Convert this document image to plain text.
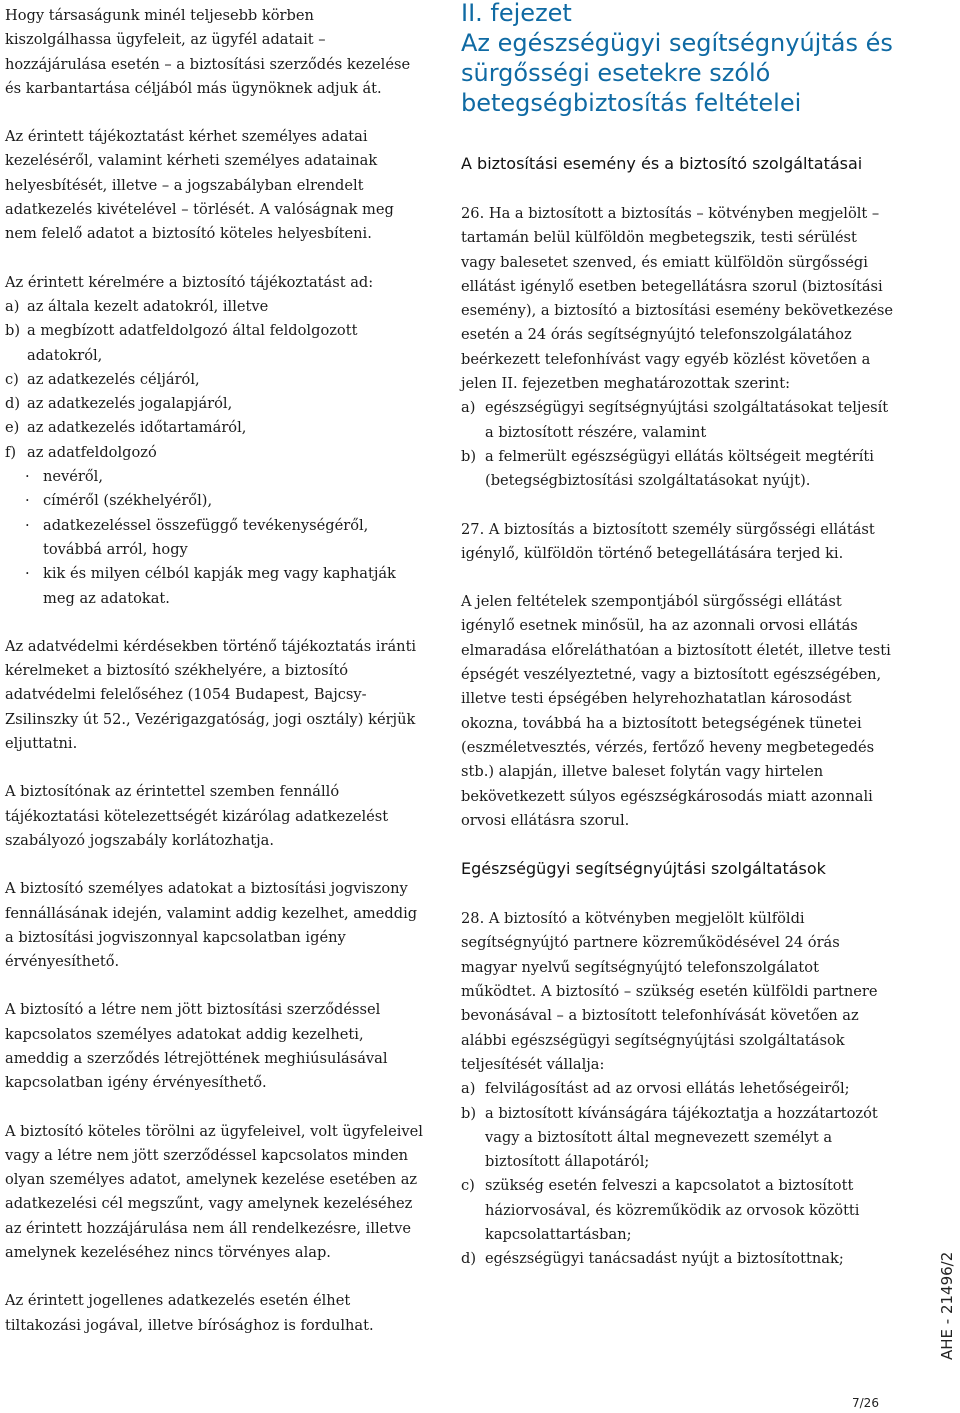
Hogy társaságunk minél teljesebb körben kiszolgálhassa ügyfeleit, az ügyfél adatait – hozzájárulása esetén – a biztosítási szerződés kezelése és karbantartása céljából más ügynöknek adjuk át.

Az érintett tájékoztatást kérhet személyes adatai kezeléséről, valamint kérheti személyes adatainak helyesbítését, illetve – a jogszabályban elrendelt adatkezelés kivételével – törlését. A valóságnak meg nem felelő adatot a biztosító köteles helyesbíteni.

Az érintett kérelmére a biztosító tájékoztatást ad:
a) az általa kezelt adatokról, illetve
b) a megbízott adatfeldolgozó által feldolgozott adatokról,
c) az adatkezelés céljáról,
d) az adatkezelés jogalapjáról,
e) az adatkezelés időtartamáról,
f) az adatfeldolgozó
· nevéről,
· címéről (székhelyéről),
· adatkezeléssel összefüggő tevékenységéről, továbbá arról, hogy
· kik és milyen célból kapják meg vagy kaphatják meg az adatokat.

Az adatvédelmi kérdésekben történő tájékoztatás iránti kérelmeket a biztosító székhelyére, a biztosító adatvédelmi felelőséhez (1054 Budapest, Bajcsy-Zsilinszky út 52., Vezérigazgatóság, jogi osztály) kérjük eljuttatni.

A biztosítónak az érintettel szemben fennálló tájékoztatási kötelezettségét kizárólag adatkezelést szabályozó jogszabály korlátozhatja.

A biztosító személyes adatokat a biztosítási jogviszony fennállásának idején, valamint addig kezelhet, ameddig a biztosítási jogviszonnyal kapcsolatban igény érvényesíthető.

A biztosító a létre nem jött biztosítási szerződéssel kapcsolatos személyes adatokat addig kezelheti, ameddig a szerződés létrejöttének meghiúsulásával kapcsolatban igény érvényesíthető.

A biztosító köteles törölni az ügyfeleivel, volt ügyfeleivel vagy a létre nem jött szerződéssel kapcsolatos minden olyan személyes adatot, amelynek kezelése esetében az adatkezelési cél megszűnt, vagy amelynek kezeléséhez az érintett hozzájárulása nem áll rendelkezésre, illetve amelynek kezeléséhez nincs törvényes alap.

Az érintett jogellenes adatkezelés esetén élhet tiltakozási jogával, illetve bírósághoz is fordulhat.

II. fejezet
Az egészségügyi segítségnyújtás és sürgősségi esetekre szóló betegségbiztosítás feltételei
A biztosítási esemény és a biztosító szolgáltatásai
26. Ha a biztosított a biztosítás – kötvényben megjelölt – tartamán belül külföldön megbetegszik, testi sérülést vagy balesetet szenved, és emiatt külföldön sürgősségi ellátást igénylő esetben betegellátásra szorul (biztosítási esemény), a biztosító a biztosítási esemény bekövetkezése esetén a 24 órás segítségnyújtó telefonszolgálatához beérkezett telefonhívást vagy egyéb közlést követően a jelen II. fejezetben meghatározottak szerint:
a) egészségügyi segítségnyújtási szolgáltatásokat teljesít a biztosított részére, valamint
b) a felmerült egészségügyi ellátás költségeit megtéríti (betegségbiztosítási szolgáltatásokat nyújt).
27. A biztosítás a biztosított személy sürgősségi ellátást igénylő, külföldön történő betegellátására terjed ki.

A jelen feltételek szempontjából sürgősségi ellátást igénylő esetnek minősül, ha az azonnali orvosi ellátás elmaradása előreláthatóan a biztosított életét, illetve testi épségét veszélyeztetné, vagy a biztosított egészségében, illetve testi épségében helyrehozhatatlan károsodást okozna, továbbá ha a biztosított betegségének tünetei (eszméletvesztés, vérzés, fertőző heveny megbetegedés stb.) alapján, illetve baleset folytán vagy hirtelen bekövetkezett súlyos egészségkárosodás miatt azonnali orvosi ellátásra szorul.

Egészségügyi segítségnyújtási szolgáltatások
28. A biztosító a kötvényben megjelölt külföldi segítségnyújtó partnere közreműködésével 24 órás magyar nyelvű segítségnyújtó telefonszolgálatot működtet. A biztosító – szükség esetén külföldi partnere bevonásával – a biztosított telefonhívását követően az alábbi egészségügyi segítségnyújtási szolgáltatások teljesítését vállalja:
a) felvilágosítást ad az orvosi ellátás lehetőségeiről;
b) a biztosított kívánságára tájékoztatja a hozzátartozót vagy a biztosított által megnevezett személyt a biztosított állapotáról;
c) szükség esetén felveszi a kapcsolatot a biztosított háziorvosával, és közreműködik az orvosok közötti kapcsolattartásban;
d) egészségügyi tanácsadást nyújt a biztosítottnak;	AHE - 21496/2
7/26
